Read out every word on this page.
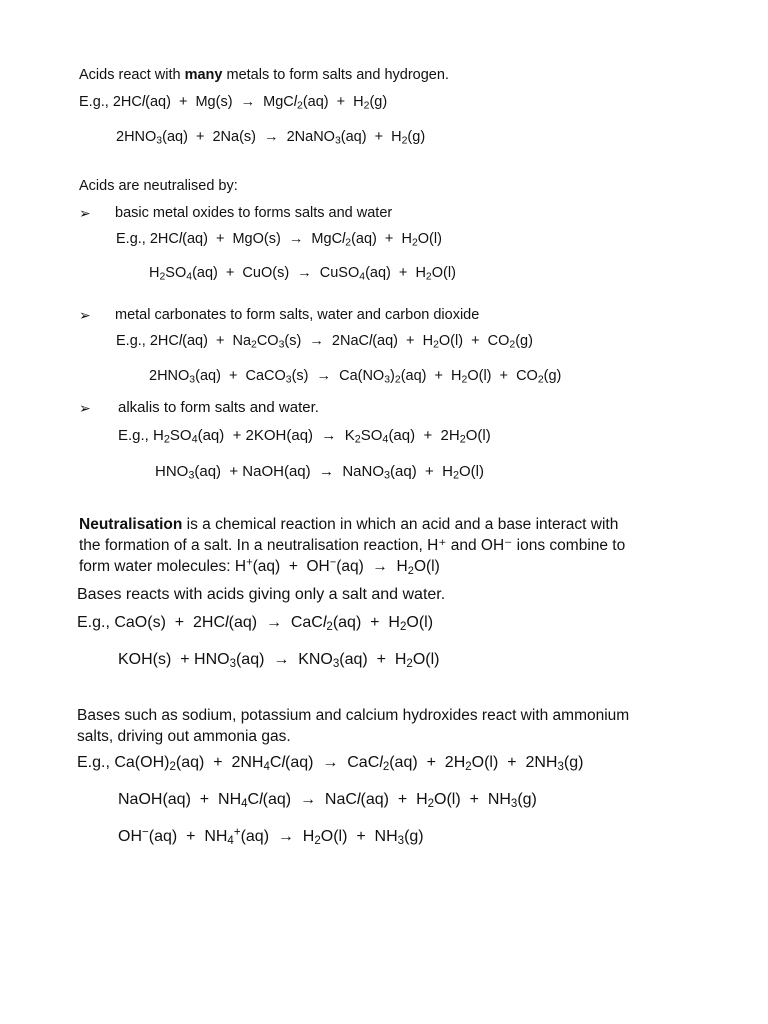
Acids react with many metals to form salts and hydrogen.
E.g., 2HCl(aq)  +  Mg(s)  →  MgCl$_2$(aq)  +  $H_2(g)$
$2HNO_3(aq) + 2Na(s)$  →  2NaNO$_3$(aq)  +  $H_2(g)$
Acids are neutralised by:
➢ basic metal oxides to forms salts and water
E.g., 2HCl(aq)  +  MgO(s)  →  MgCl$_2$(aq)  +  $H_2O(l)$
$H_2SO_4(aq) + CuO(s)$  →  CuSO$_4$(aq)  +  $H_2O(l)$
➢ metal carbonates to form salts, water and carbon dioxide
E.g., $2HCl(aq) + Na_2CO_3(s)$  →  2NaCl(aq)  +  $H_2O(l) + CO_2(g)$
$2HNO_3(aq)$  +  CaCO$_3$(s)  →  $Ca(NO_3)_2(aq) + H_2O(l) + CO_2(g)$
➢ alkalis to form salts and water.
E.g., $H_2SO_4(aq) + 2KOH(aq) \to K_2SO_4(aq) + 2H_2O(l)$
$HNO_3(aq)$  + NaOH(aq)  →  NaNO$_3$(aq)  +  $H_2O(l)$
Neutralisation is a chemical reaction in which an acid and a base interact with
the formation of a salt. In a neutralisation reaction, H⁺ and OH⁻ ions combine to
form water molecules: $H^+(aq) + OH^-(aq) \to H_2O(l)$
Bases reacts with acids giving only a salt and water.
E.g., CaO(s)  +  2HCl(aq)  →  CaCl$_2$(aq)  +  $H_2O(l)$
$KOH(s) + HNO_3(aq) \to KNO_3(aq) + H_2O(l)$
Bases such as sodium, potassium and calcium hydroxides react with ammonium
salts, driving out ammonia gas.
E.g., $Ca(OH)_2(aq) + 2NH_4Cl(aq)$  →  CaCl$_2$(aq)  +  $2H_2O(l) + 2NH_3(g)$
NaOH(aq)  +  $NH_4Cl(aq)$  →  NaCl(aq)  +  $H_2O(l) + NH_3(g)$
$OH^-(aq) + NH_4^+(aq) \to H_2O(l) + NH_3(g)$
